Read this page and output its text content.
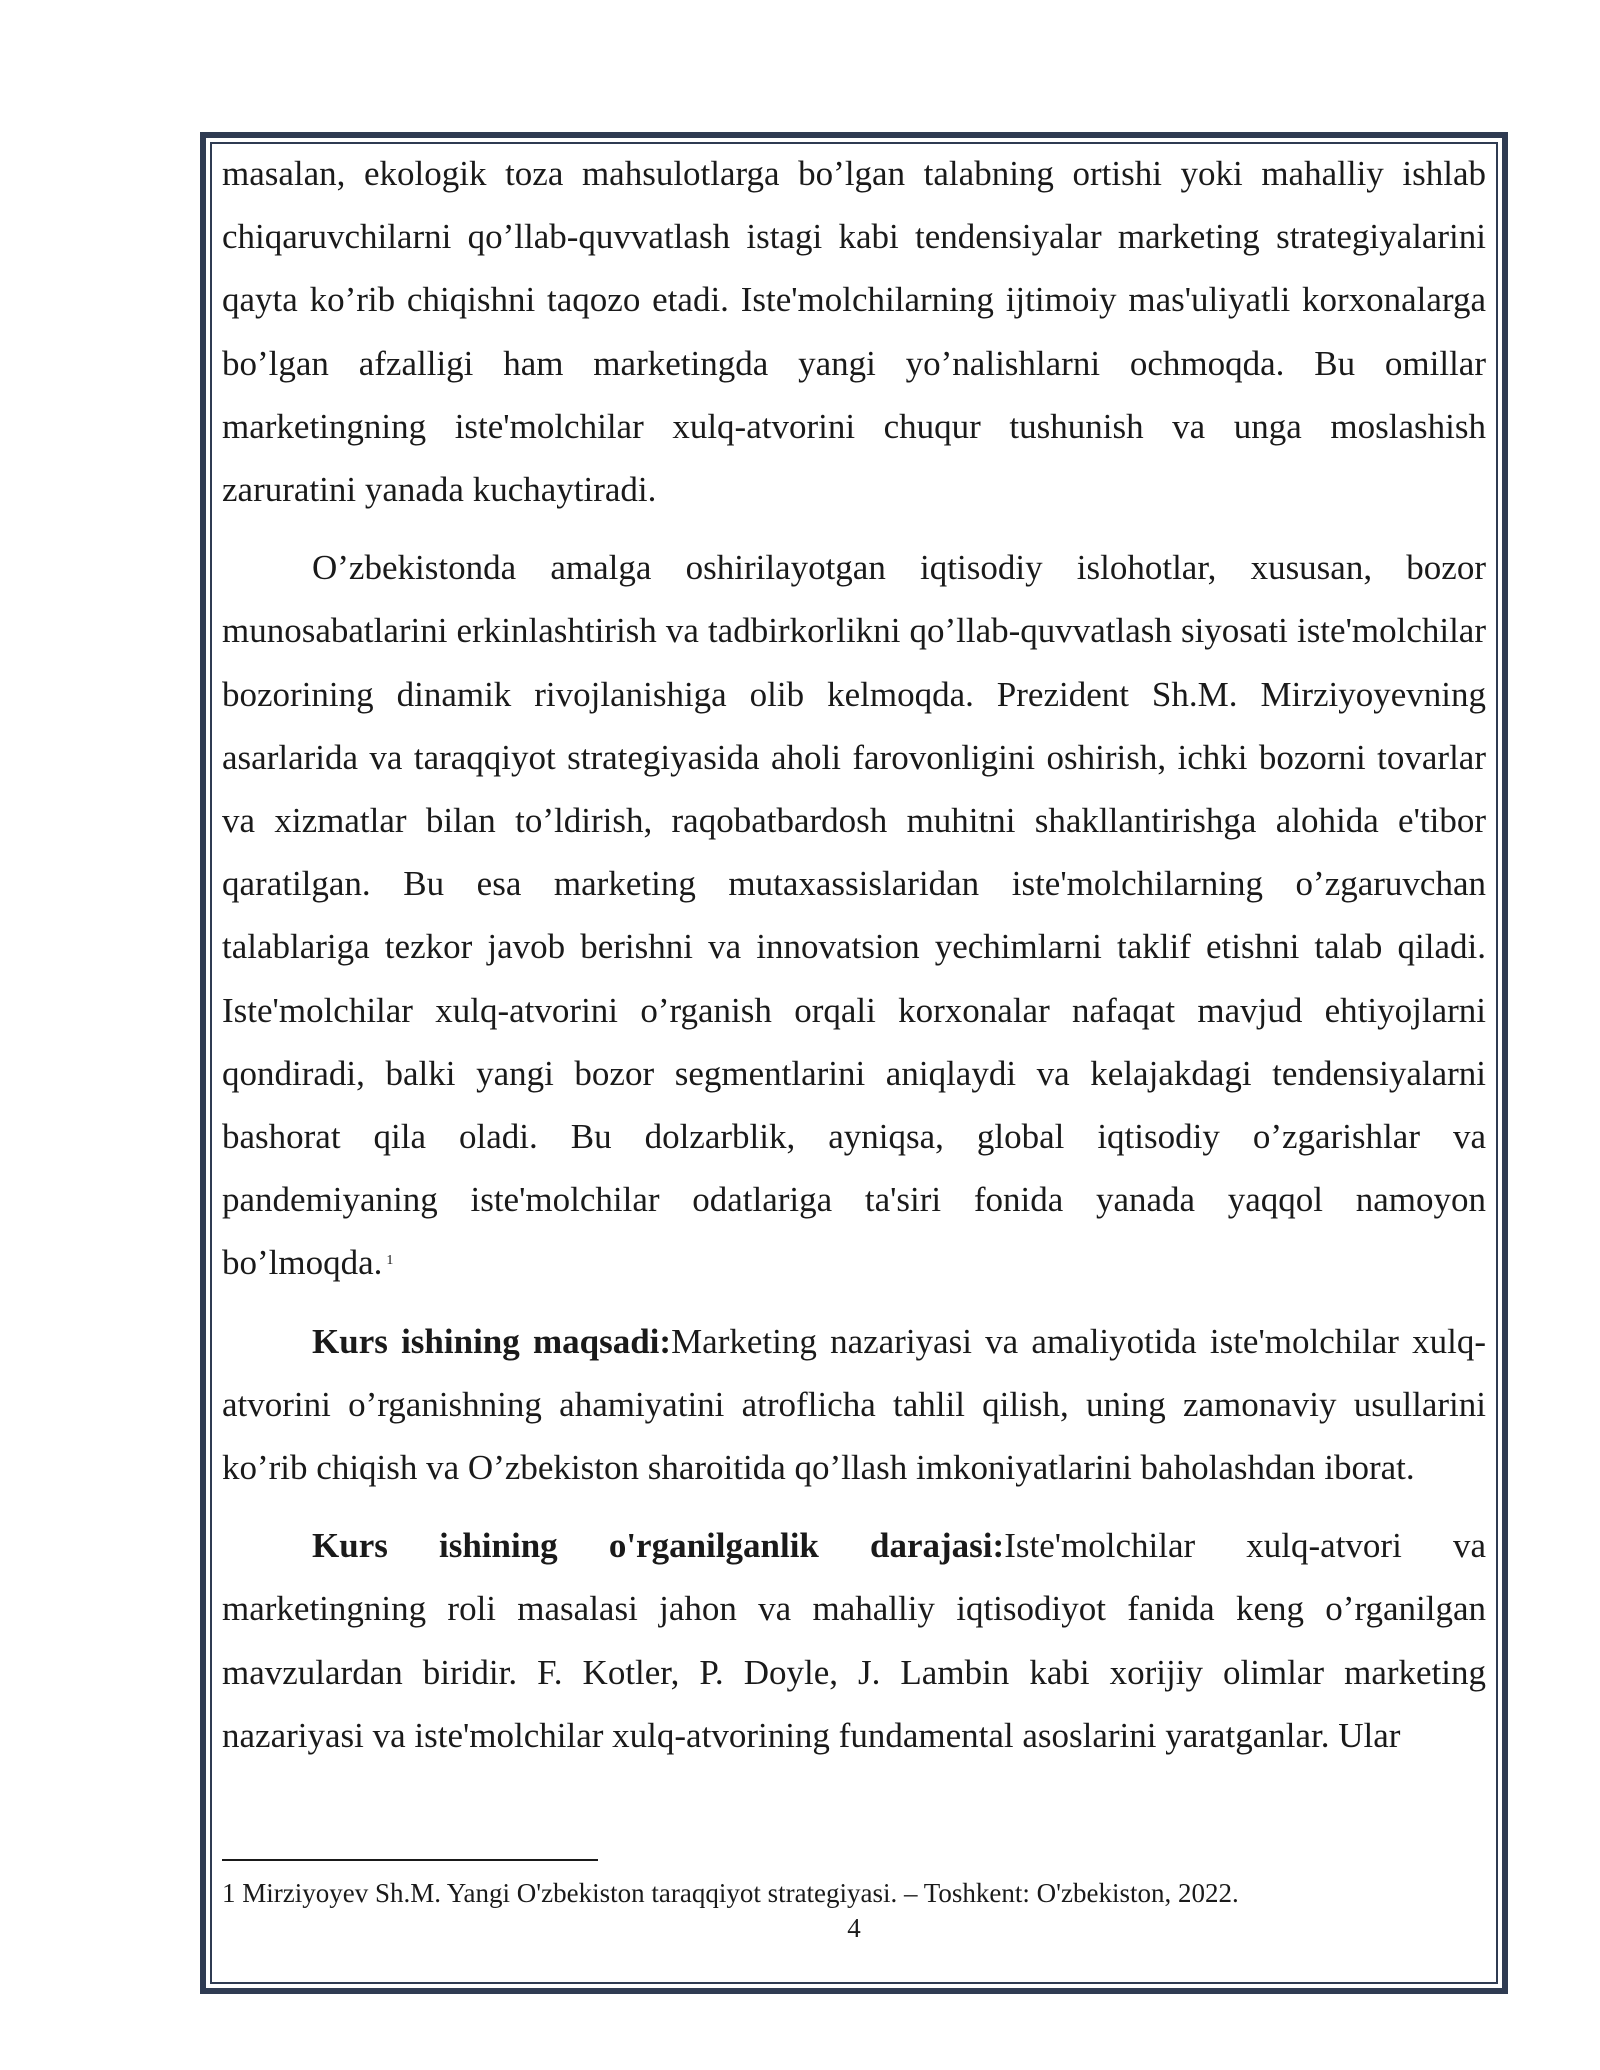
masalan, ekologik toza mahsulotlarga bo’lgan talabning ortishi yoki mahalliy ishlab chiqaruvchilarni qo’llab-quvvatlash istagi kabi tendensiyalar marketing strategiyalarini qayta ko’rib chiqishni taqozo etadi. Iste'molchilarning ijtimoiy mas'uliyatli korxonalarga bo’lgan afzalligi ham marketingda yangi yo’nalishlarni ochmoqda. Bu omillar marketingning iste'molchilar xulq-atvorini chuqur tushunish va unga moslashish zaruratini yanada kuchaytiradi.

O’zbekistonda amalga oshirilayotgan iqtisodiy islohotlar, xususan, bozor munosabatlarini erkinlashtirish va tadbirkorlikni qo’llab-quvvatlash siyosati iste'molchilar bozorining dinamik rivojlanishiga olib kelmoqda. Prezident Sh.M. Mirziyoyevning asarlarida va taraqqiyot strategiyasida aholi farovonligini oshirish, ichki bozorni tovarlar va xizmatlar bilan to’ldirish, raqobatbardosh muhitni shakllantirishga alohida e'tibor qaratilgan. Bu esa marketing mutaxassislaridan iste'molchilarning o’zgaruvchan talablariga tezkor javob berishni va innovatsion yechimlarni taklif etishni talab qiladi. Iste'molchilar xulq-atvorini o’rganish orqali korxonalar nafaqat mavjud ehtiyojlarni qondiradi, balki yangi bozor segmentlarini aniqlaydi va kelajakdagi tendensiyalarni bashorat qila oladi. Bu dolzarblik, ayniqsa, global iqtisodiy o’zgarishlar va pandemiyaning iste'molchilar odatlariga ta'siri fonida yanada yaqqol namoyon bo’lmoqda. $^1$

Kurs ishining maqsadi:Marketing nazariyasi va amaliyotida iste'molchilar xulq-atvorini o’rganishning ahamiyatini atroflicha tahlil qilish, uning zamonaviy usullarini ko’rib chiqish va O’zbekiston sharoitida qo’llash imkoniyatlarini baholashdan iborat.

Kurs ishining o'rganilganlik darajasi:Iste'molchilar xulq-atvori va marketingning roli masalasi jahon va mahalliy iqtisodiyot fanida keng o’rganilgan mavzulardan biridir. F. Kotler, P. Doyle, J. Lambin kabi xorijiy olimlar marketing nazariyasi va iste'molchilar xulq-atvorining fundamental asoslarini yaratganlar. Ular

1 Mirziyoyev Sh.M. Yangi O'zbekiston taraqqiyot strategiyasi. – Toshkent: O'zbekiston, 2022.
4
